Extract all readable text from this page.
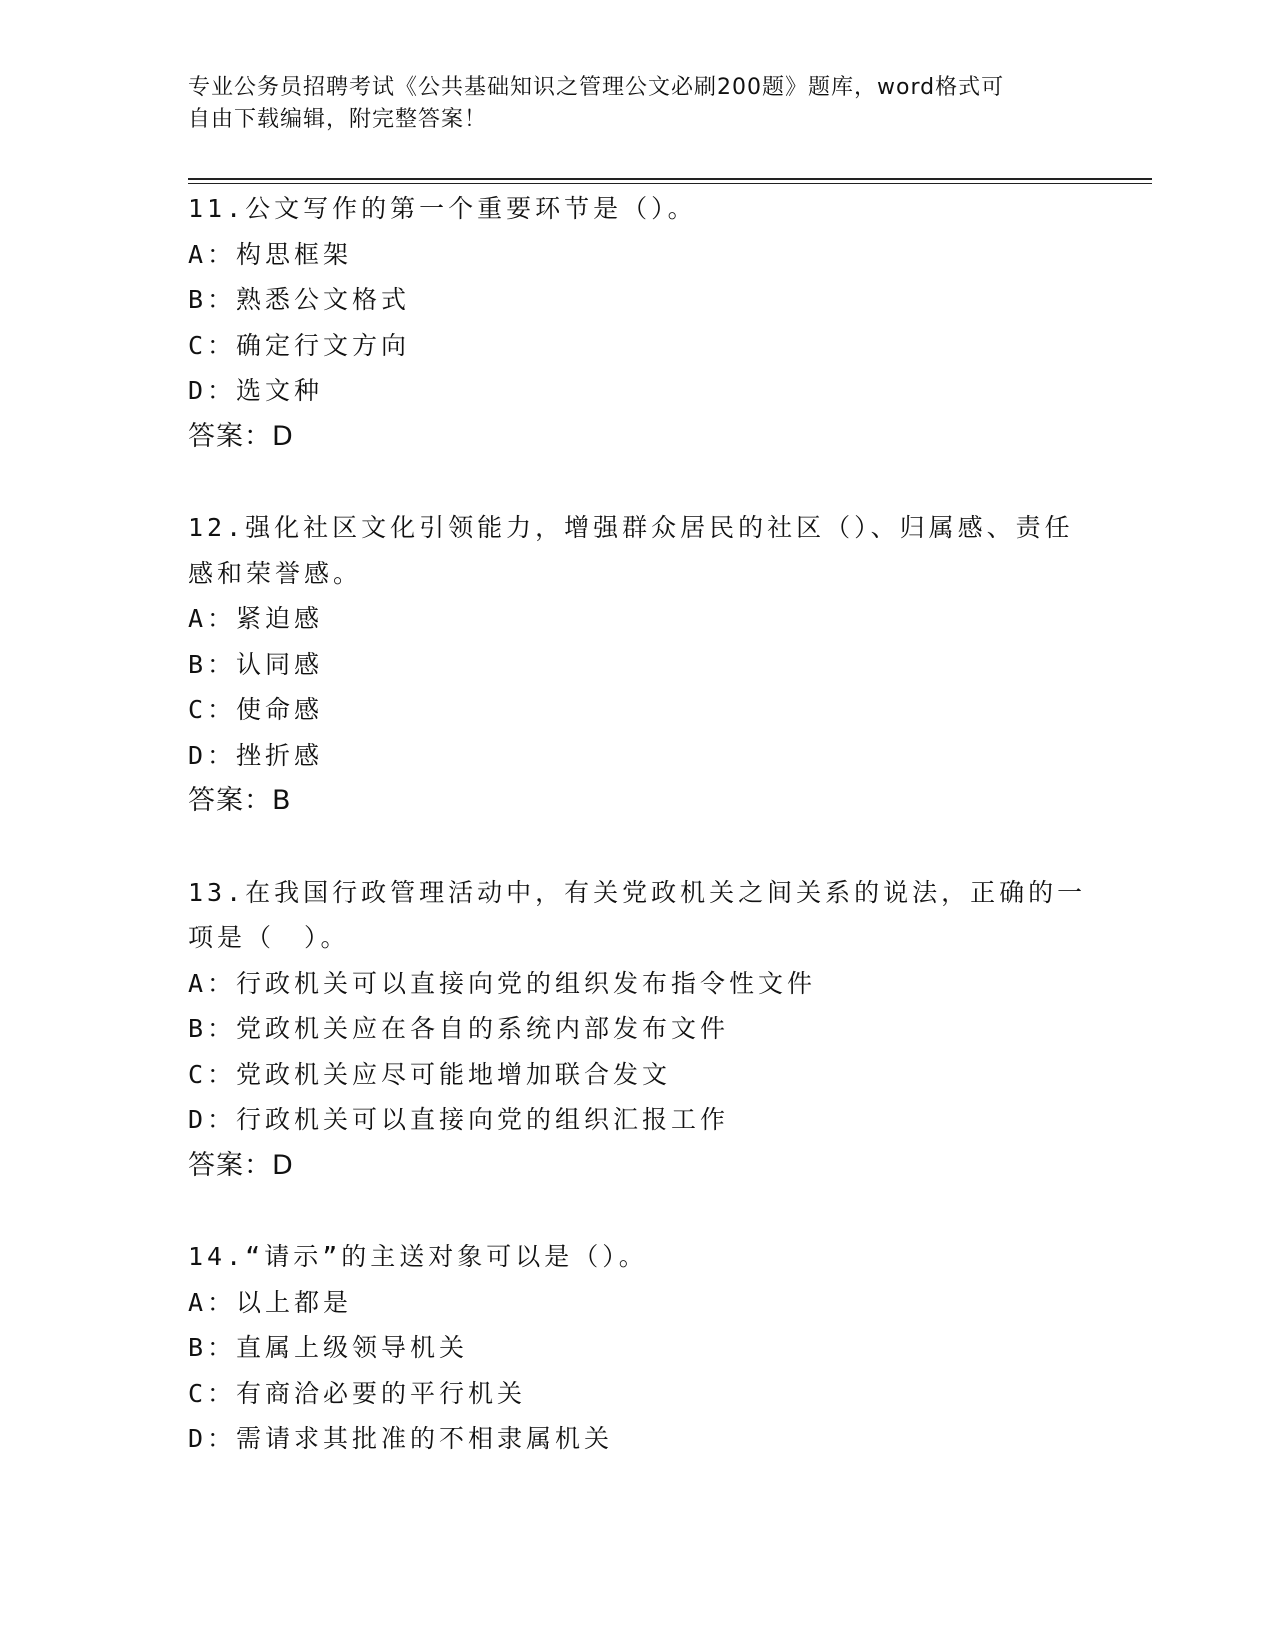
专业公务员招聘考试《公共基础知识之管理公文必刷200题》题库，word格式可
自由下载编辑，附完整答案！
11.公文写作的第一个重要环节是（）。
A：构思框架
B：熟悉公文格式
C：确定行文方向
D：选文种
答案：D
12.强化社区文化引领能力，增强群众居民的社区（）、归属感、责任
感和荣誉感。
A：紧迫感
B：认同感
C：使命感
D：挫折感
答案：B
13.在我国行政管理活动中，有关党政机关之间关系的说法，正确的一
项是（　）。
A：行政机关可以直接向党的组织发布指令性文件
B：党政机关应在各自的系统内部发布文件
C：党政机关应尽可能地增加联合发文
D：行政机关可以直接向党的组织汇报工作
答案：D
14.“请示”的主送对象可以是（）。
A：以上都是
B：直属上级领导机关
C：有商洽必要的平行机关
D：需请求其批准的不相隶属机关
